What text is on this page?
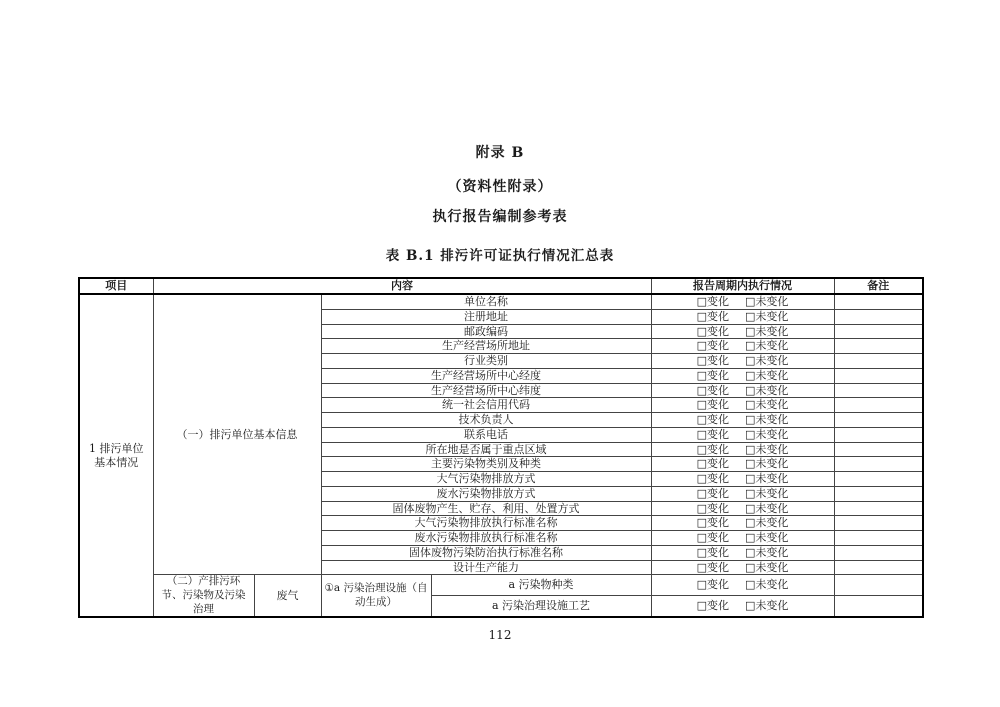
附录 B
（资料性附录）
执行报告编制参考表
表 B.1 排污许可证执行情况汇总表
项目	内容				报告周期内执行情况	备注
1 排污单位 基本情况	（一）排污单位基本信息		单位名称		□变化 □未变化	

			注册地址		□变化 □未变化	

			邮政编码		□变化 □未变化	

			生产经营场所地址		□变化 □未变化	

			行业类别		□变化 □未变化	

			生产经营场所中心经度		□变化 □未变化	

			生产经营场所中心纬度		□变化 □未变化	

			统一社会信用代码		□变化 □未变化	

			技术负责人		□变化 □未变化	

			联系电话		□变化 □未变化	

			所在地是否属于重点区域		□变化 □未变化	

			主要污染物类别及种类		□变化 □未变化	

			大气污染物排放方式		□变化 □未变化	

			废水污染物排放方式		□变化 □未变化	

			固体废物产生、贮存、利用、处置方式		□变化 □未变化	

			大气污染物排放执行标准名称		□变化 □未变化	

			废水污染物排放执行标准名称		□变化 □未变化	

			固体废物污染防治执行标准名称		□变化 □未变化	

			设计生产能力		□变化 □未变化	

	（二）产排污环节、污染物及污染治理	废气	①a 污染治理设施（自动生成）	a 污染物种类	□变化 □未变化	

				a 污染治理设施工艺	□变化 □未变化	

112
